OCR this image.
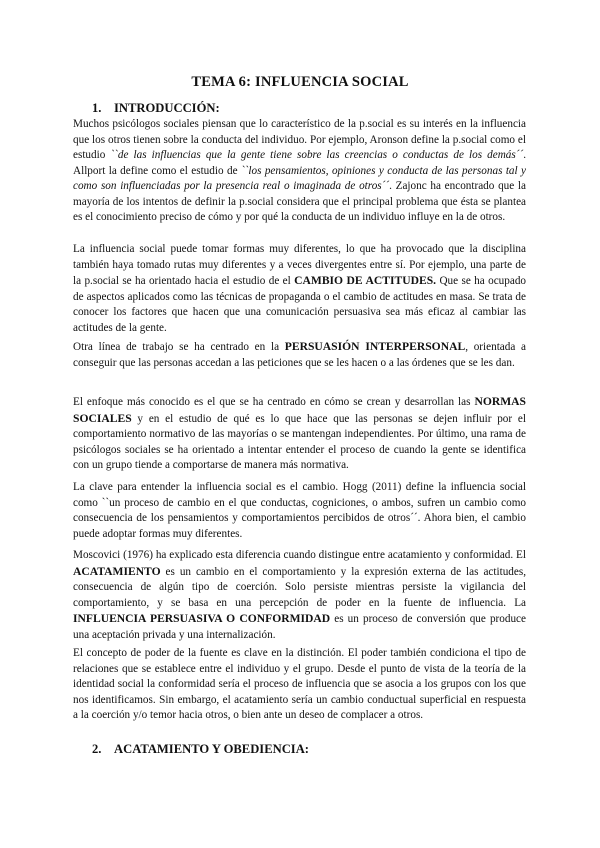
TEMA 6: INFLUENCIA SOCIAL
1. INTRODUCCIÓN:

Muchos psicólogos sociales piensan que lo característico de la p.social es su interés en la influencia que los otros tienen sobre la conducta del individuo. Por ejemplo, Aronson define la p.social como el estudio ``de las influencias que la gente tiene sobre las creencias o conductas de los demás´´. Allport la define como el estudio de ``los pensamientos, opiniones y conducta de las personas tal y como son influenciadas por la presencia real o imaginada de otros´´. Zajonc ha encontrado que la mayoría de los intentos de definir la p.social considera que el principal problema que ésta se plantea es el conocimiento preciso de cómo y por qué la conducta de un individuo influye en la de otros.

La influencia social puede tomar formas muy diferentes, lo que ha provocado que la disciplina también haya tomado rutas muy diferentes y a veces divergentes entre sí. Por ejemplo, una parte de la p.social se ha orientado hacia el estudio de el CAMBIO DE ACTITUDES. Que se ha ocupado de aspectos aplicados como las técnicas de propaganda o el cambio de actitudes en masa. Se trata de conocer los factores que hacen que una comunicación persuasiva sea más eficaz al cambiar las actitudes de la gente.

Otra línea de trabajo se ha centrado en la PERSUASIÓN INTERPERSONAL, orientada a conseguir que las personas accedan a las peticiones que se les hacen o a las órdenes que se les dan.

El enfoque más conocido es el que se ha centrado en cómo se crean y desarrollan las NORMAS SOCIALES y en el estudio de qué es lo que hace que las personas se dejen influir por el comportamiento normativo de las mayorías o se mantengan independientes. Por último, una rama de psicólogos sociales se ha orientado a intentar entender el proceso de cuando la gente se identifica con un grupo tiende a comportarse de manera más normativa.

La clave para entender la influencia social es el cambio. Hogg (2011) define la influencia social como ``un proceso de cambio en el que conductas, cogniciones, o ambos, sufren un cambio como consecuencia de los pensamientos y comportamientos percibidos de otros´´. Ahora bien, el cambio puede adoptar formas muy diferentes.

Moscovici (1976) ha explicado esta diferencia cuando distingue entre acatamiento y conformidad. El ACATAMIENTO es un cambio en el comportamiento y la expresión externa de las actitudes, consecuencia de algún tipo de coerción. Solo persiste mientras persiste la vigilancia del comportamiento, y se basa en una percepción de poder en la fuente de influencia. La INFLUENCIA PERSUASIVA O CONFORMIDAD es un proceso de conversión que produce una aceptación privada y una internalización.

El concepto de poder de la fuente es clave en la distinción. El poder también condiciona el tipo de relaciones que se establece entre el individuo y el grupo. Desde el punto de vista de la teoría de la identidad social la conformidad sería el proceso de influencia que se asocia a los grupos con los que nos identificamos. Sin embargo, el acatamiento sería un cambio conductual superficial en respuesta a la coerción y/o temor hacia otros, o bien ante un deseo de complacer a otros.

2. ACATAMIENTO Y OBEDIENCIA:
